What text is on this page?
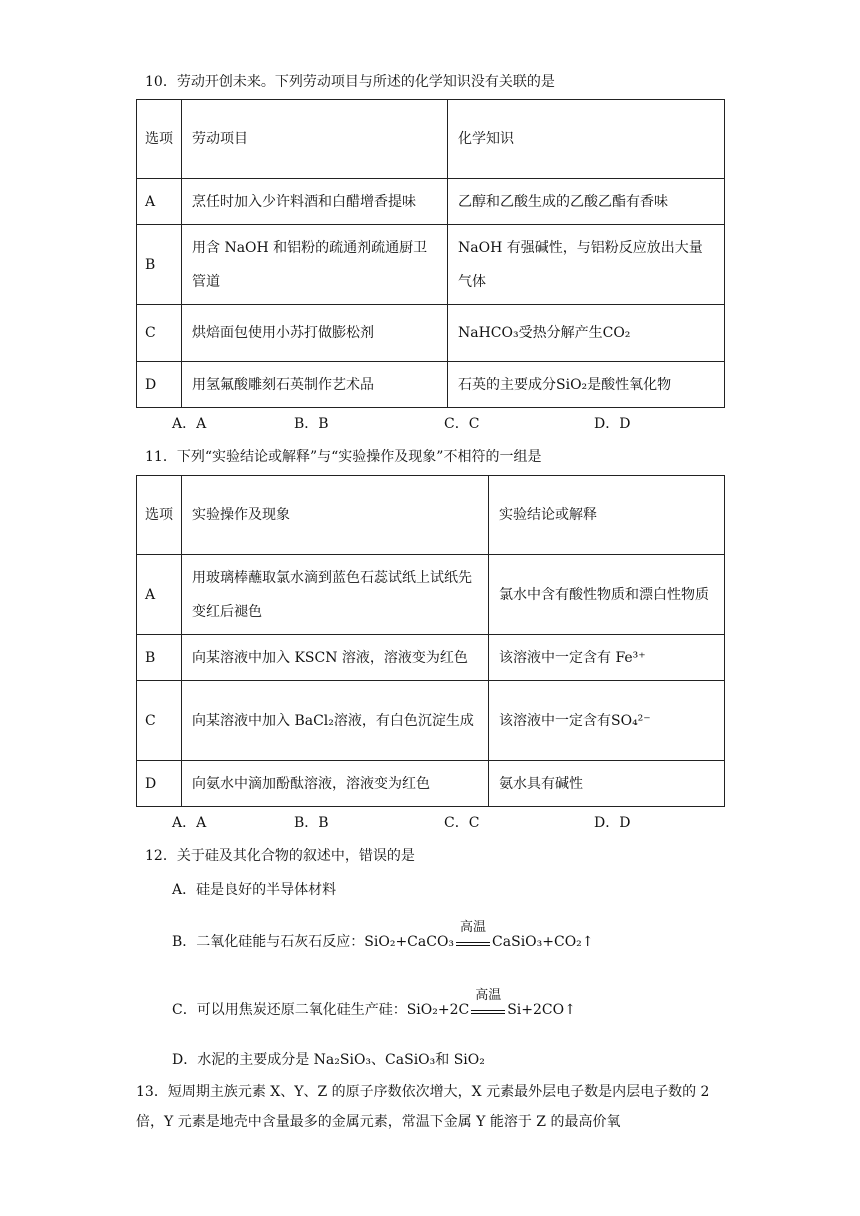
10．劳动开创未来。下列劳动项目与所述的化学知识没有关联的是
选项	劳动项目	化学知识
A	烹任时加入少许料酒和白醋增香提味	乙醇和乙酸生成的乙酸乙酯有香味
B	用含 NaOH 和铝粉的疏通剂疏通厨卫管道	NaOH 有强碱性，与铝粉反应放出大量气体
C	烘焙面包使用小苏打做膨松剂	NaHCO₃受热分解产生CO₂
D	用氢氟酸雕刻石英制作艺术品	石英的主要成分SiO₂是酸性氧化物
A．A	B．B	C．C	D．D
11．下列“实验结论或解释”与“实验操作及现象”不相符的一组是
选项	实验操作及现象	实验结论或解释
A	用玻璃棒蘸取氯水滴到蓝色石蕊试纸上试纸先变红后褪色	氯水中含有酸性物质和漂白性物质
B	向某溶液中加入 KSCN 溶液，溶液变为红色	该溶液中一定含有 Fe³⁺
C	向某溶液中加入 BaCl₂溶液，有白色沉淀生成	该溶液中一定含有SO₄²⁻
D	向氨水中滴加酚酞溶液，溶液变为红色	氨水具有碱性
A．A	B．B	C．C	D．D
12．关于硅及其化合物的叙述中，错误的是
A．硅是良好的半导体材料
B．二氧化硅能与石灰石反应：SiO₂+CaCO₃
高温
CaSiO₃+CO₂↑
C．可以用焦炭还原二氧化硅生产硅：SiO₂+2C
高温
Si+2CO↑
D．水泥的主要成分是 Na₂SiO₃、CaSiO₃和 SiO₂
13．短周期主族元素 X、Y、Z 的原子序数依次增大，X 元素最外层电子数是内层电子数的 2 倍，Y 元素是地壳中含量最多的金属元素，常温下金属 Y 能溶于 Z 的最高价氧
